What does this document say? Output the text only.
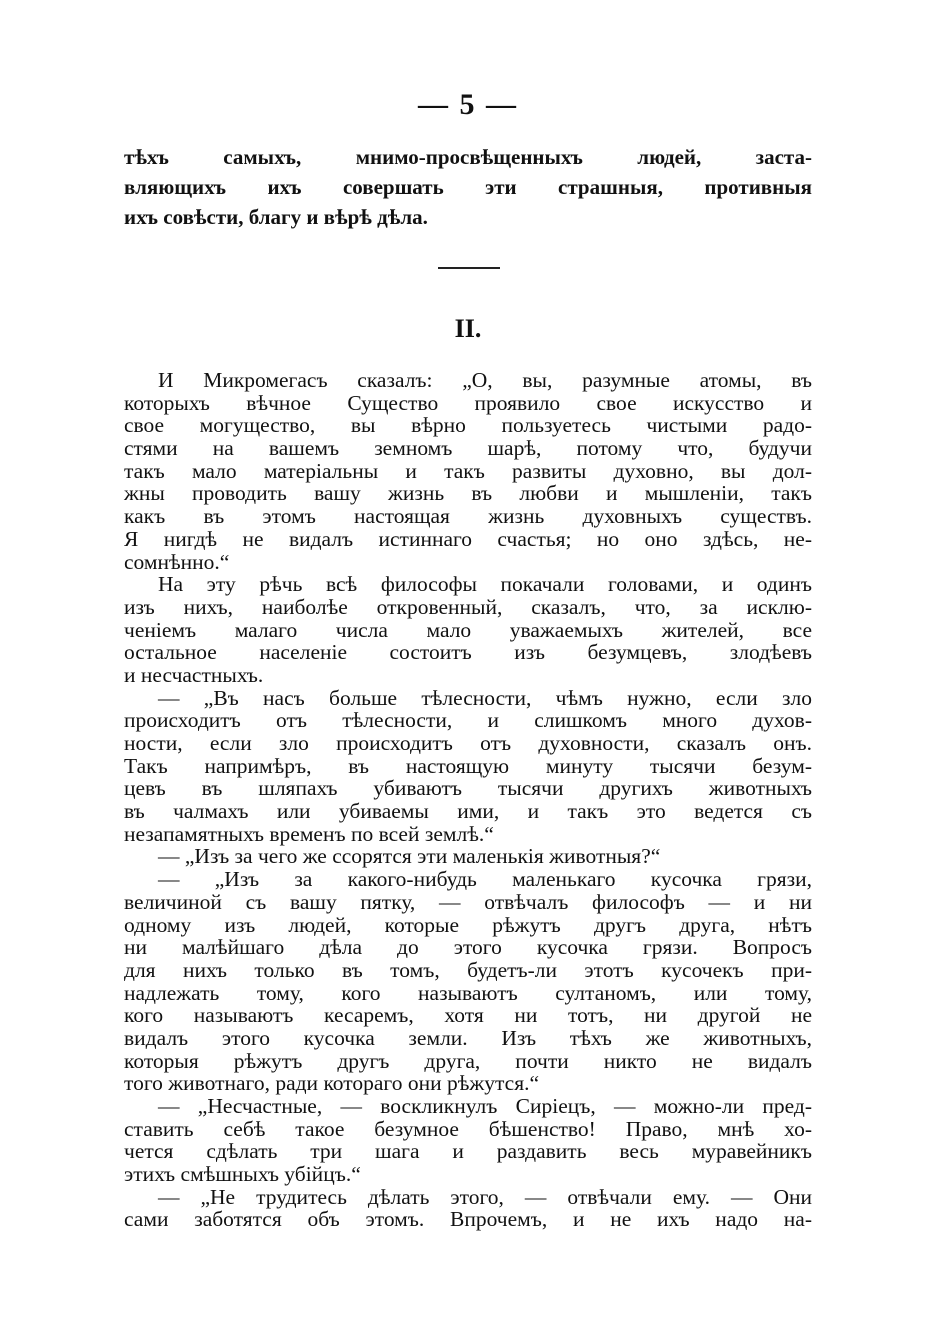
— 5 —
тѣхъ самыхъ, мнимо-просвѣщенныхъ людей, заста-
вляющихъ ихъ совершать эти страшныя, противныя
ихъ совѣсти, благу и вѣрѣ дѣла.
II.
И Микромегасъ сказалъ: „О, вы, разумные атомы, въ
которыхъ вѣчное Существо проявило свое искусство и
свое могущество, вы вѣрно пользуетесь чистыми радо-
стями на вашемъ земномъ шарѣ, потому что, будучи
такъ мало матеріальны и такъ развиты духовно, вы дол-
жны проводить вашу жизнь въ любви и мышленіи, такъ
какъ въ этомъ настоящая жизнь духовныхъ существъ.
Я нигдѣ не видалъ истиннаго счастья; но оно здѣсь, не-
сомнѣнно.“
На эту рѣчь всѣ философы покачали головами, и одинъ
изъ нихъ, наиболѣе откровенный, сказалъ, что, за исклю-
ченіемъ малаго числа мало уважаемыхъ жителей, все
остальное населеніе состоитъ изъ безумцевъ, злодѣевъ
и несчастныхъ.
— „Въ насъ больше тѣлесности, чѣмъ нужно, если зло
происходитъ отъ тѣлесности, и слишкомъ много духов-
ности, если зло происходитъ отъ духовности, сказалъ онъ.
Такъ напримѣръ, въ настоящую минуту тысячи безум-
цевъ въ шляпахъ убиваютъ тысячи другихъ животныхъ
въ чалмахъ или убиваемы ими, и такъ это ведется съ
незапамятныхъ временъ по всей землѣ.“
— „Изъ за чего же ссорятся эти маленькія животныя?“
— „Изъ за какого-нибудь маленькаго кусочка грязи,
величиной съ вашу пятку, — отвѣчалъ философъ — и ни
одному изъ людей, которые рѣжутъ другъ друга, нѣтъ
ни малѣйшаго дѣла до этого кусочка грязи. Вопросъ
для нихъ только въ томъ, будетъ-ли этотъ кусочекъ при-
надлежать тому, кого называютъ султаномъ, или тому,
кого называютъ кесаремъ, хотя ни тотъ, ни другой не
видалъ этого кусочка земли. Изъ тѣхъ же животныхъ,
которыя рѣжутъ другъ друга, почти никто не видалъ
того животнаго, ради котораго они рѣжутся.“
— „Несчастные, — воскликнулъ Сиріецъ, — можно-ли пред-
ставить себѣ такое безумное бѣшенство! Право, мнѣ хо-
чется сдѣлать три шага и раздавить весь муравейникъ
этихъ смѣшныхъ убійцъ.“
— „Не трудитесь дѣлать этого, — отвѣчали ему. — Они
сами заботятся объ этомъ. Впрочемъ, и не ихъ надо на-
